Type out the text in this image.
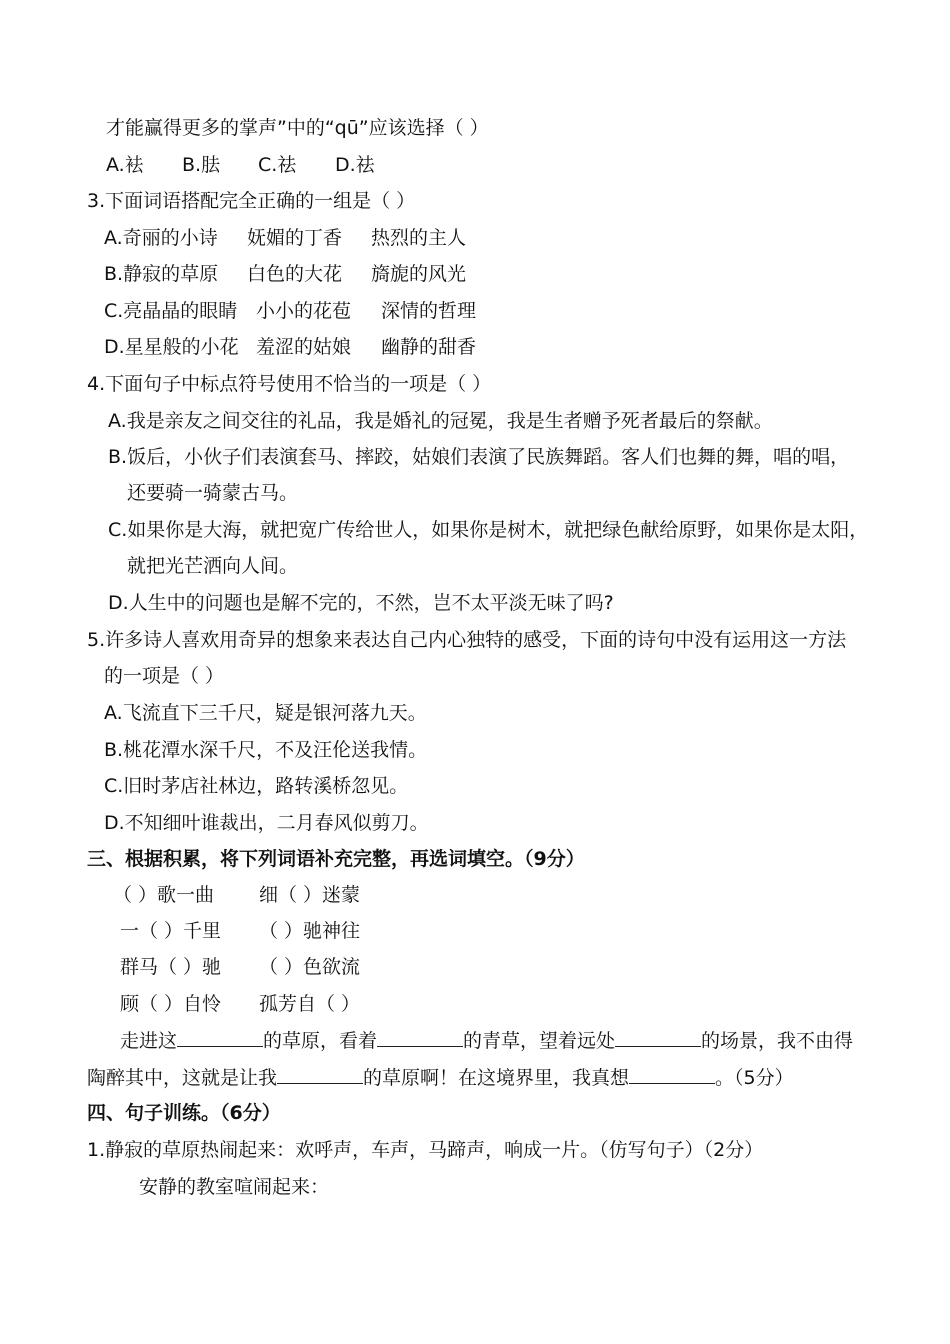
才能赢得更多的掌声”中的“qū”应该选择（ ）
A.袪 B.胠 C.祛 D.祛
3.下面词语搭配完全正确的一组是（ ）
A.奇丽的小诗 妩媚的丁香 热烈的主人
B.静寂的草原 白色的大花 旖旎的风光
C.亮晶晶的眼睛 小小的花苞 深情的哲理
D.星星般的小花 羞涩的姑娘 幽静的甜香
4.下面句子中标点符号使用不恰当的一项是（ ）
A.我是亲友之间交往的礼品，我是婚礼的冠冕，我是生者赠予死者最后的祭献。
B.饭后，小伙子们表演套马、摔跤，姑娘们表演了民族舞蹈。客人们也舞的舞，唱的唱，
还要骑一骑蒙古马。
C.如果你是大海，就把宽广传给世人，如果你是树木，就把绿色献给原野，如果你是太阳，
就把光芒洒向人间。
D.人生中的问题也是解不完的，不然，岂不太平淡无味了吗?
5.许多诗人喜欢用奇异的想象来表达自己内心独特的感受，下面的诗句中没有运用这一方法
的一项是（ ）
A.飞流直下三千尺，疑是银河落九天。
B.桃花潭水深千尺，不及汪伦送我情。
C.旧时茅店社林边，路转溪桥忽见。
D.不知细叶谁裁出，二月春风似剪刀。
三、根据积累，将下列词语补充完整，再选词填空。（9分）
（ ）歌一曲 细（ ）迷蒙
一（ ）千里 （ ）驰神往
群马（ ）驰 （ ）色欲流
顾（ ）自怜 孤芳自（ ）
走进这	的草原，看着	的青草，望着远处	的场景，我不由得
陶醉其中，这就是让我	的草原啊！在这境界里，我真想	。（5分）
四、句子训练。（6分）
1.静寂的草原热闹起来：欢呼声，车声，马蹄声，响成一片。（仿写句子）（2分）
安静的教室喧闹起来：
